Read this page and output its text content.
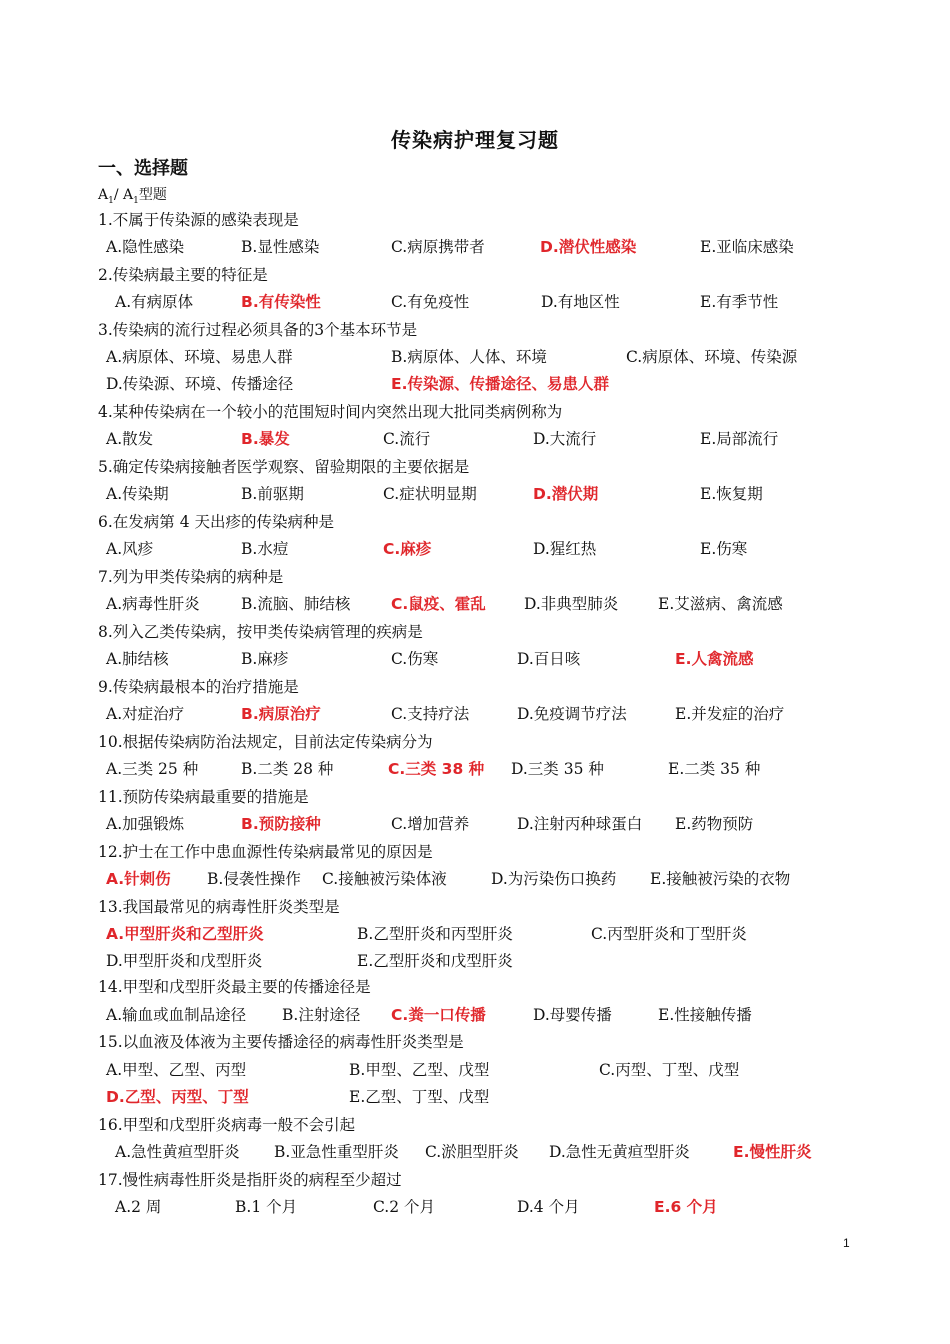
传染病护理复习题
一、选择题
$A_1/$ $A_1$型题
1.不属于传染源的感染表现是
A.隐性感染	B.显性感染	C.病原携带者	D.潜伏性感染	E.亚临床感染
2.传染病最主要的特征是
A.有病原体	B.有传染性	C.有免疫性	D.有地区性	E.有季节性
3.传染病的流行过程必须具备的3个基本环节是
A.病原体、环境、易患人群	B.病原体、人体、环境	C.病原体、环境、传染源
D.传染源、环境、传播途径	E.传染源、传播途径、易患人群
4.某种传染病在一个较小的范围短时间内突然出现大批同类病例称为
A.散发	B.暴发	C.流行	D.大流行	E.局部流行
5.确定传染病接触者医学观察、留验期限的主要依据是
A.传染期	B.前驱期	C.症状明显期	D.潜伏期	E.恢复期
6.在发病第 4 天出疹的传染病种是
A.风疹	B.水痘	C.麻疹	D.猩红热	E.伤寒
7.列为甲类传染病的病种是
A.病毒性肝炎	B.流脑、肺结核	C.鼠疫、霍乱 D.非典型肺炎	E.艾滋病、禽流感
8.列入乙类传染病，按甲类传染病管理的疾病是
A.肺结核	B.麻疹	C.伤寒	D.百日咳	E.人禽流感
9.传染病最根本的治疗措施是
A.对症治疗	B.病原治疗	C.支持疗法	D.免疫调节疗法	E.并发症的治疗
10.根据传染病防治法规定，目前法定传染病分为
A.三类 25 种	B.二类 28 种	C.三类 38 种 D.三类 35 种	E.二类 35 种
11.预防传染病最重要的措施是
A.加强锻炼	B.预防接种	C.增加营养	D.注射丙种球蛋白 E.药物预防
12.护士在工作中患血源性传染病最常见的原因是
A.针刺伤 B.侵袭性操作 C.接触被污染体液	D.为污染伤口换药 E.接触被污染的衣物
13.我国最常见的病毒性肝炎类型是
A.甲型肝炎和乙型肝炎	B.乙型肝炎和丙型肝炎	C.丙型肝炎和丁型肝炎
D.甲型肝炎和戊型肝炎	E.乙型肝炎和戊型肝炎
14.甲型和戊型肝炎最主要的传播途径是
A.输血或血制品途径 B.注射途径 C.粪一口传播	D.母婴传播	E.性接触传播
15.以血液及体液为主要传播途径的病毒性肝炎类型是
A.甲型、乙型、丙型	B.甲型、乙型、戊型	C.丙型、丁型、戊型
D.乙型、丙型、丁型	E.乙型、丁型、戊型
16.甲型和戊型肝炎病毒一般不会引起
A.急性黄疸型肝炎 B.亚急性重型肝炎 C.淤胆型肝炎 D.急性无黄疸型肝炎	E.慢性肝炎
17.慢性病毒性肝炎是指肝炎的病程至少超过
A.2 周	B.1 个月	C.2 个月	D.4 个月	E.6 个月
1
